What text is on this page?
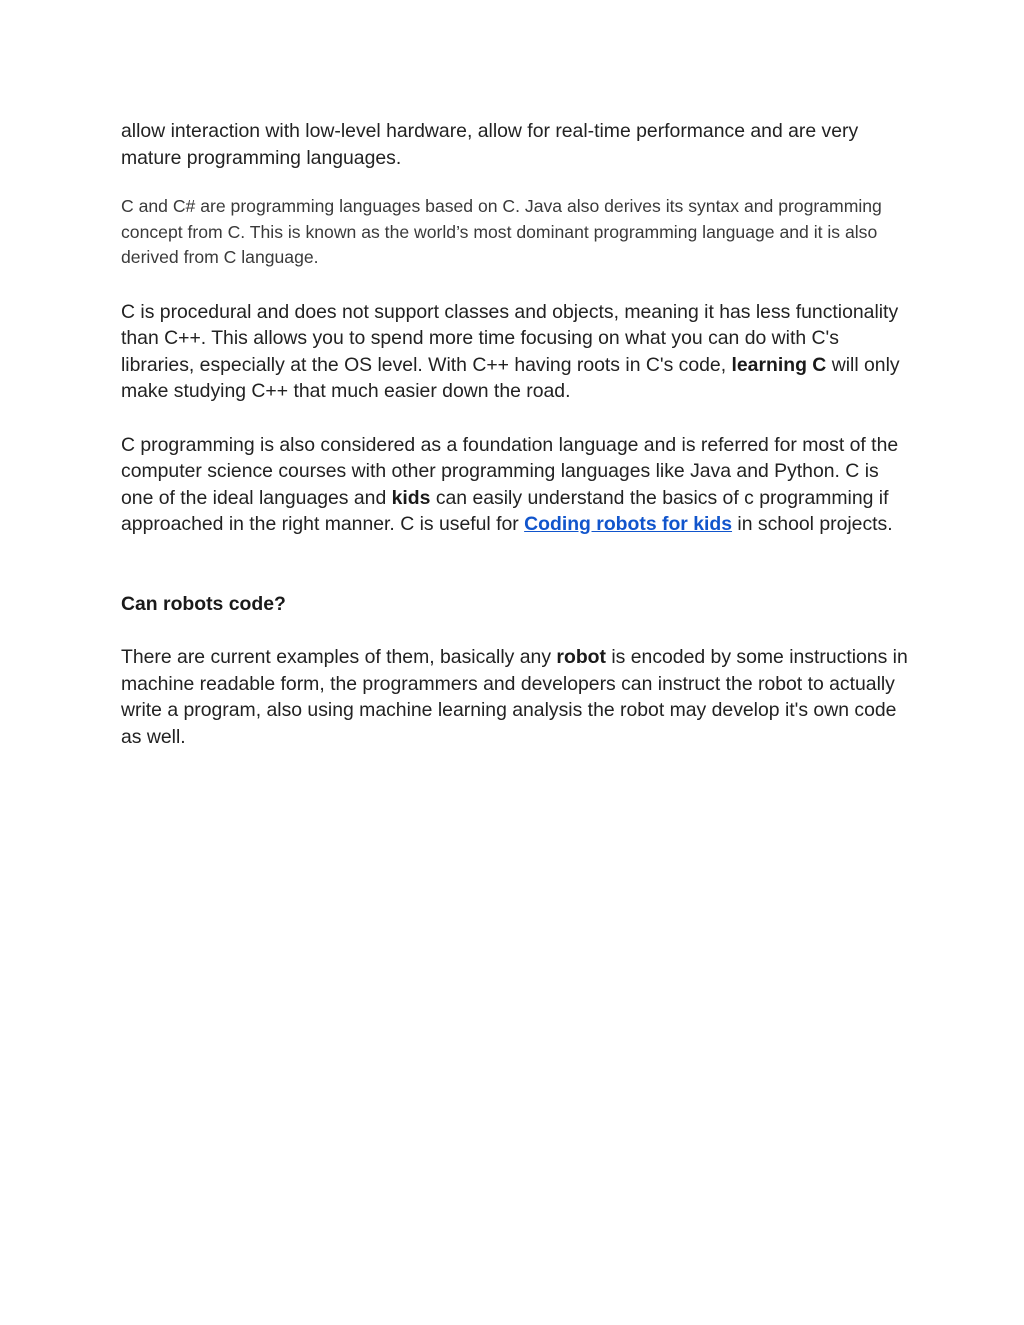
allow interaction with low-level hardware, allow for real-time performance and are very mature programming languages.

C and C# are programming languages based on C. Java also derives its syntax and programming concept from C. This is known as the world’s most dominant programming language and it is also derived from C language.

C is procedural and does not support classes and objects, meaning it has less functionality than C++. This allows you to spend more time focusing on what you can do with C's libraries, especially at the OS level. With C++ having roots in C's code, learning C will only make studying C++ that much easier down the road.

C programming is also considered as a foundation language and is referred for most of the computer science courses with other programming languages like Java and Python. C is one of the ideal languages and kids can easily understand the basics of c programming if approached in the right manner. C is useful for Coding robots for kids in school projects.

Can robots code?

There are current examples of them, basically any robot is encoded by some instructions in machine readable form, the programmers and developers can instruct the robot to actually write a program, also using machine learning analysis the robot may develop it's own code as well.
